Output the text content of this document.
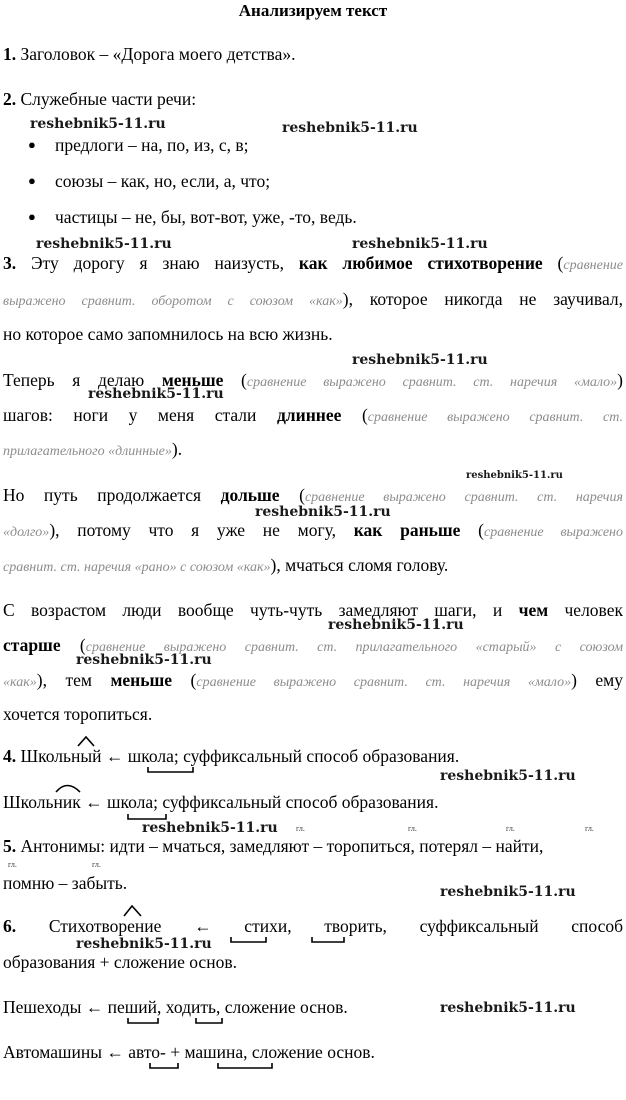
Анализируем текст
1. Заголовок – «Дорога моего детства».
2. Служебные части речи:
● предлоги – на, по, из, с, в;
● союзы – как, но, если, а, что;
● частицы – не, бы, вот-вот, уже, -то, ведь.
3. Эту дорогу я знаю наизусть, как любимое стихотворение (сравнение
выражено сравнит. оборотом с союзом «как»), которое никогда не заучивал,
но которое само запомнилось на всю жизнь.
Теперь я делаю меньше (сравнение выражено сравнит. ст. наречия «мало»)
шагов: ноги у меня стали длиннее (сравнение выражено сравнит. ст.
прилагательного «длинные»).
Но путь продолжается дольше (сравнение выражено сравнит. ст. наречия
«долго»), потому что я уже не могу, как раньше (сравнение выражено
сравнит. ст. наречия «рано» с союзом «как»), мчаться сломя голову.
С возрастом люди вообще чуть-чуть замедляют шаги, и чем человек
старше (сравнение выражено сравнит. ст. прилагательного «старый» с союзом
«как»), тем меньше (сравнение выражено сравнит. ст. наречия «мало») ему
хочется торопиться.
4. Школьный ← школа; суффиксальный способ образования.
Школьник ← школа; суффиксальный способ образования.
5. Антонимы: идти – мчаться, замедляют – торопиться, потерял – найти,
помню – забыть.
6. Стихотворение ← стихи, творить, суффиксальный способ
образования + сложение основ.
Пешеходы ← пеший, ходить, сложение основ.
Автомашины ← авто- + машина, сложение основ.
гл.	гл.	гл.	гл.
гл.	гл.
reshebnik5-11.ru	reshebnik5-11.ru
reshebnik5-11.ru	reshebnik5-11.ru
reshebnik5-11.ru
reshebnik5-11.ru
reshebnik5-11.ru
reshebnik5-11.ru
reshebnik5-11.ru
reshebnik5-11.ru
reshebnik5-11.ru
reshebnik5-11.ru
reshebnik5-11.ru
reshebnik5-11.ru
reshebnik5-11.ru
